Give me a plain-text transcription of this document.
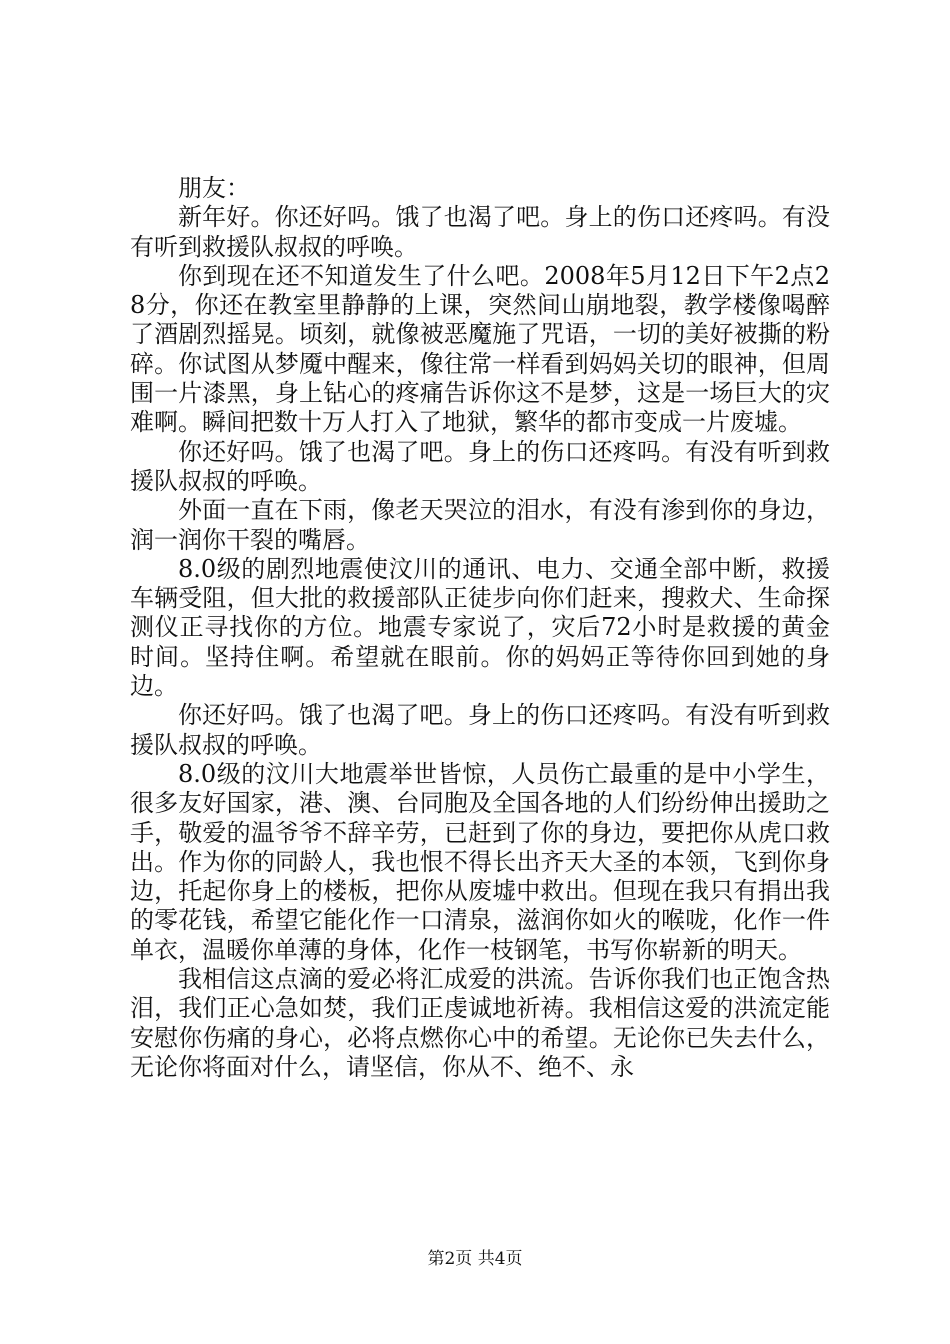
朋友：

新年好。你还好吗。饿了也渴了吧。身上的伤口还疼吗。有没有听到救援队叔叔的呼唤。

你到现在还不知道发生了什么吧。2008年5月12日下午2点28分，你还在教室里静静的上课，突然间山崩地裂，教学楼像喝醉了酒剧烈摇晃。顷刻，就像被恶魔施了咒语，一切的美好被撕的粉碎。你试图从梦魇中醒来，像往常一样看到妈妈关切的眼神，但周围一片漆黑，身上钻心的疼痛告诉你这不是梦，这是一场巨大的灾难啊。瞬间把数十万人打入了地狱，繁华的都市变成一片废墟。

你还好吗。饿了也渴了吧。身上的伤口还疼吗。有没有听到救援队叔叔的呼唤。

外面一直在下雨，像老天哭泣的泪水，有没有渗到你的身边，润一润你干裂的嘴唇。

8.0级的剧烈地震使汶川的通讯、电力、交通全部中断，救援车辆受阻，但大批的救援部队正徒步向你们赶来，搜救犬、生命探测仪正寻找你的方位。地震专家说了，灾后72小时是救援的黄金时间。坚持住啊。希望就在眼前。你的妈妈正等待你回到她的身边。

你还好吗。饿了也渴了吧。身上的伤口还疼吗。有没有听到救援队叔叔的呼唤。

8.0级的汶川大地震举世皆惊，人员伤亡最重的是中小学生，很多友好国家，港、澳、台同胞及全国各地的人们纷纷伸出援助之手，敬爱的温爷爷不辞辛劳，已赶到了你的身边，要把你从虎口救出。作为你的同龄人，我也恨不得长出齐天大圣的本领，飞到你身边，托起你身上的楼板，把你从废墟中救出。但现在我只有捐出我的零花钱，希望它能化作一口清泉，滋润你如火的喉咙，化作一件单衣，温暖你单薄的身体，化作一枝钢笔，书写你崭新的明天。

我相信这点滴的爱必将汇成爱的洪流。告诉你我们也正饱含热泪，我们正心急如焚，我们正虔诚地祈祷。我相信这爱的洪流定能安慰你伤痛的身心，必将点燃你心中的希望。无论你已失去什么，无论你将面对什么，请坚信，你从不、绝不、永

第2页 共4页
